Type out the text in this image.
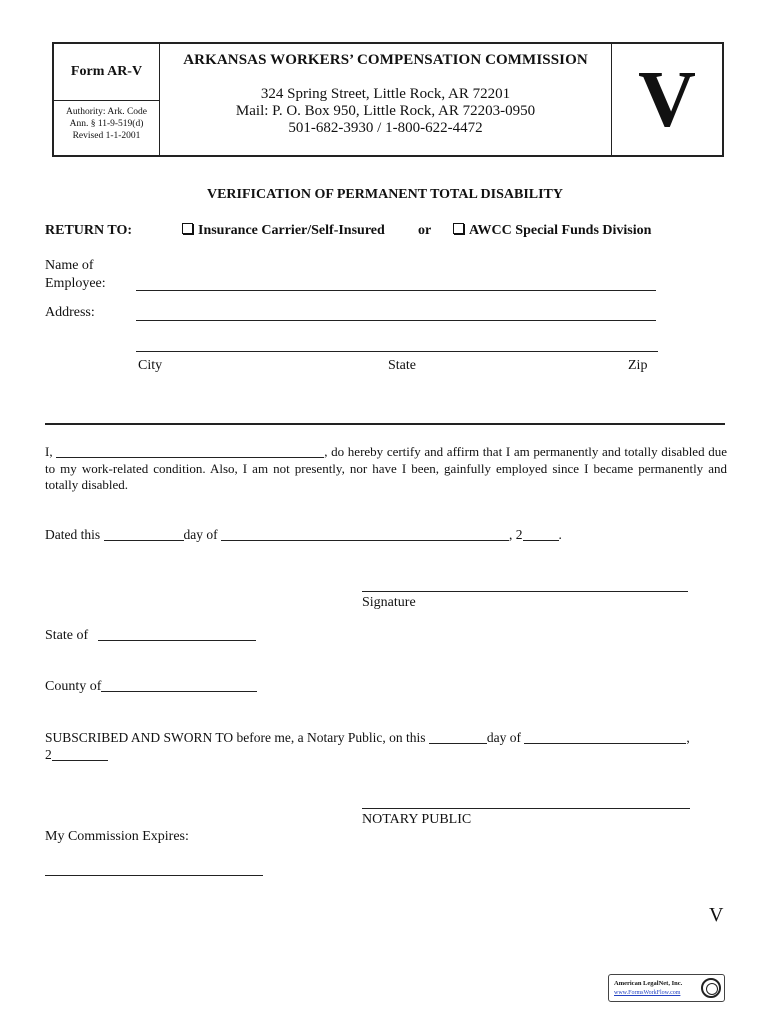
Form AR-V
Authority: Ark. Code
Ann. § 11-9-519(d)
Revised 1-1-2001
ARKANSAS WORKERS’ COMPENSATION COMMISSION
324 Spring Street, Little Rock, AR 72201
Mail: P. O. Box 950, Little Rock, AR 72203-0950
501-682-3930 / 1-800-622-4472	V
VERIFICATION OF PERMANENT TOTAL DISABILITY
RETURN TO:	Insurance Carrier/Self-Insured or	AWCC Special Funds Division
Name of
Employee:
Address:
City	State	Zip
I,	, do hereby certify and affirm that I am permanently and totally disabled due to my work-related condition. Also, I am not presently, nor have I been, gainfully employed since I became permanently and totally disabled.
Dated this	day of	, 2	.
Signature
State of
County of
SUBSCRIBED AND SWORN TO before me, a Notary Public, on this	day of	,
2
NOTARY PUBLIC
My Commission Expires:
V
American LegalNet, Inc.
www.FormsWorkFlow.com
